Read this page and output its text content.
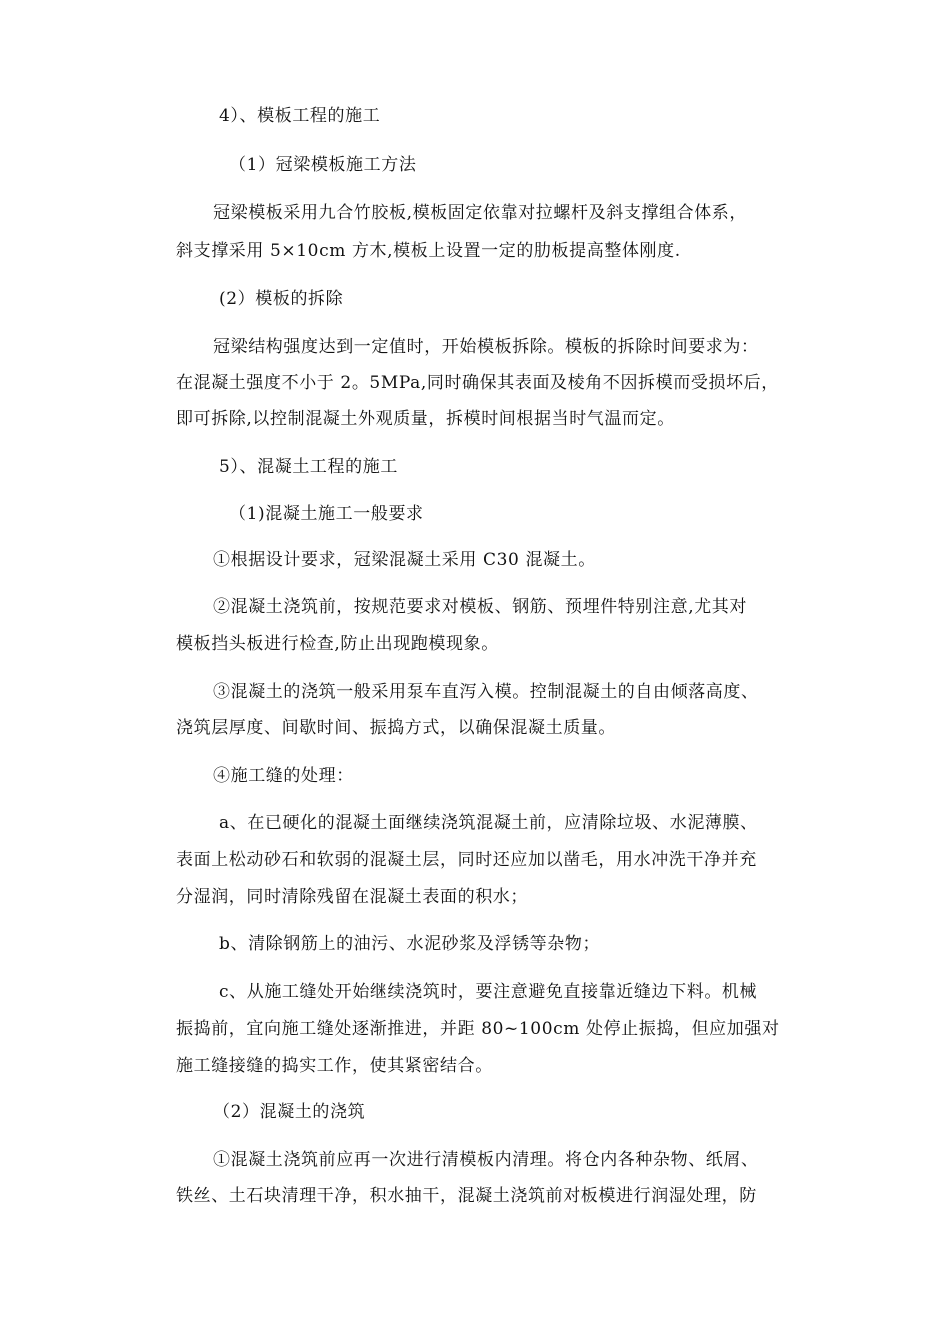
4）、模板工程的施工
（1）冠梁模板施工方法
冠梁模板采用九合竹胶板,模板固定依靠对拉螺杆及斜支撑组合体系，
斜支撑采用 5×10cm 方木,模板上设置一定的肋板提高整体刚度.
(2）模板的拆除
冠梁结构强度达到一定值时，开始模板拆除。模板的拆除时间要求为：
在混凝土强度不小于 2。5MPa,同时确保其表面及棱角不因拆模而受损坏后，
即可拆除,以控制混凝土外观质量，拆模时间根据当时气温而定。
5）、混凝土工程的施工
（1)混凝土施工一般要求
①根据设计要求，冠梁混凝土采用 C30 混凝土。
②混凝土浇筑前，按规范要求对模板、钢筋、预埋件特别注意,尤其对
模板挡头板进行检查,防止出现跑模现象。
③混凝土的浇筑一般采用泵车直泻入模。控制混凝土的自由倾落高度、
浇筑层厚度、间歇时间、振捣方式，以确保混凝土质量。
④施工缝的处理：
a、在已硬化的混凝土面继续浇筑混凝土前，应清除垃圾、水泥薄膜、
表面上松动砂石和软弱的混凝土层，同时还应加以凿毛，用水冲洗干净并充
分湿润，同时清除残留在混凝土表面的积水；
b、清除钢筋上的油污、水泥砂浆及浮锈等杂物；
c、从施工缝处开始继续浇筑时，要注意避免直接靠近缝边下料。机械
振捣前，宜向施工缝处逐渐推进，并距 80~100cm 处停止振捣，但应加强对
施工缝接缝的捣实工作，使其紧密结合。
（2）混凝土的浇筑
①混凝土浇筑前应再一次进行清模板内清理。将仓内各种杂物、纸屑、
铁丝、土石块清理干净，积水抽干，混凝土浇筑前对板模进行润湿处理，防
